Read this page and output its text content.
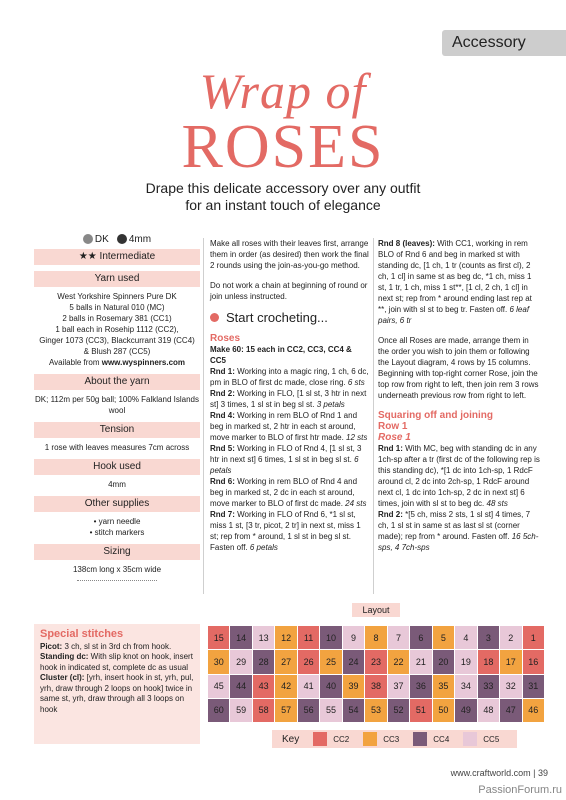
Accessory
Wrap of
ROSES
Drape this delicate accessory over any outfit
for an instant touch of elegance
DK	4mm
★★ Intermediate
Yarn used
West Yorkshire Spinners Pure DK
5 balls in Natural 010 (MC)
2 balls in Rosemary 381 (CC1)
1 ball each in Rosehip 1112 (CC2),
Ginger 1073 (CC3), Blackcurrant 319 (CC4)
& Blush 287 (CC5)
Available from www.wyspinners.com
About the yarn
DK; 112m per 50g ball; 100% Falkland Islands wool
Tension
1 rose with leaves measures 7cm across
Hook used
4mm
Other supplies
• yarn needle
• stitch markers
Sizing
138cm long x 35cm wide
Special stitches
Picot: 3 ch, sl st in 3rd ch from hook.
Standing dc: With slip knot on hook, insert hook in indicated st, complete dc as usual
Cluster (cl): [yrh, insert hook in st, yrh, pul, yrh, draw through 2 loops on hook] twice in same st, yrh, draw through all 3 loops on hook

Make all roses with their leaves first, arrange them in order (as desired) then work the final 2 rounds using the join-as-you-go method.

Do not work a chain at beginning of round or join unless instructed.

Start crocheting...
Roses

Make 60: 15 each in CC2, CC3, CC4 & CC5

Rnd 1: Working into a magic ring, 1 ch, 6 dc, pm in BLO of first dc made, close ring. 6 sts

Rnd 2: Working in FLO, [1 sl st, 3 htr in next st] 3 times, 1 sl st in beg sl st. 3 petals

Rnd 4: Working in rem BLO of Rnd 1 and beg in marked st, 2 htr in each st around, move marker to BLO of first htr made. 12 sts

Rnd 5: Working in FLO of Rnd 4, [1 sl st, 3 htr in next st] 6 times, 1 sl st in beg sl st. 6 petals

Rnd 6: Working in rem BLO of Rnd 4 and beg in marked st, 2 dc in each st around, move marker to BLO of first dc made. 24 sts

Rnd 7: Working in FLO of Rnd 6, *1 sl st, miss 1 st, [3 tr, picot, 2 tr] in next st, miss 1 st; rep from * around, 1 sl st in beg sl st. Fasten off. 6 petals

Rnd 8 (leaves): With CC1, working in rem BLO of Rnd 6 and beg in marked st with standing dc, [1 ch, 1 tr (counts as first cl), 2 ch, 1 cl] in same st as beg dc, *1 ch, miss 1 st, 1 tr, 1 ch, miss 1 st**, [1 cl, 2 ch, 1 cl] in next st; rep from * around ending last rep at **, join with sl st to beg tr. Fasten off. 6 leaf pairs, 6 tr

Once all Roses are made, arrange them in the order you wish to join them or following the Layout diagram, 4 rows by 15 columns. Beginning with top-right corner Rose, join the top row from right to left, then join rem 3 rows underneath previous row from right to left.

Squaring off and joining
Row 1
Rose 1

Rnd 1: With MC, beg with standing dc in any 1ch-sp after a tr (first dc of the following rep is this standing dc), *[1 dc into 1ch-sp, 1 RdcF around cl, 2 dc into 2ch-sp, 1 RdcF around next cl, 1 dc into 1ch-sp, 2 dc in next st] 6 times, join with sl st to beg dc. 48 sts

Rnd 2: *[5 ch, miss 2 sts, 1 sl st] 4 times, 7 ch, 1 sl st in same st as last sl st (corner made); rep from * around. Fasten off. 16 5ch-sps, 4 7ch-sps

Layout
15	14	13	12	11	10	9	8	7	6	5	4	3	2	1
30	29	28	27	26	25	24	23	22	21	20	19	18	17	16
45	44	43	42	41	40	39	38	37	36	35	34	33	32	31
60	59	58	57	56	55	54	53	52	51	50	49	48	47	46
Key	CC2	CC3	CC4	CC5
www.craftworld.com | 39
PassionForum.ru
